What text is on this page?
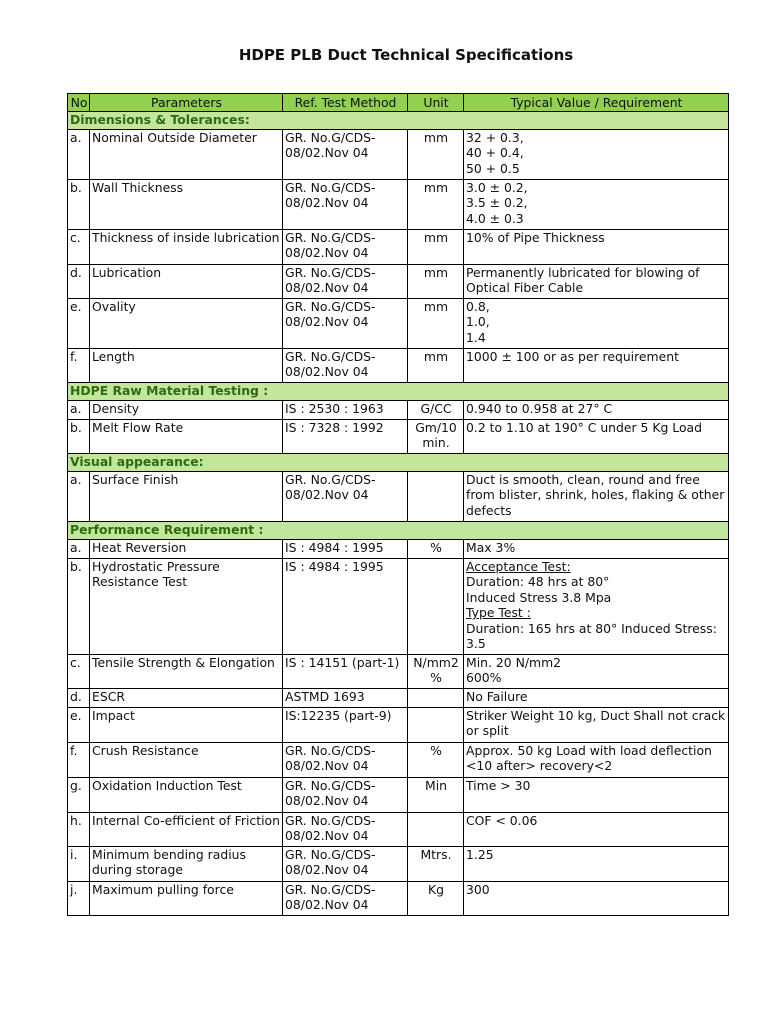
HDPE PLB Duct Technical Specifications
No	Parameters	Ref. Test Method	Unit	Typical Value / Requirement
Dimensions & Tolerances:				
a.	Nominal Outside Diameter	GR. No.G/CDS-08/02.Nov 04	mm	32 + 0.3,
40 + 0.4,
50 + 0.5

b.	Wall Thickness	GR. No.G/CDS-08/02.Nov 04	mm	3.0 ± 0.2,
3.5 ± 0.2,
4.0 ± 0.3

c.	Thickness of inside lubrication	GR. No.G/CDS-08/02.Nov 04	mm	10% of Pipe Thickness

d.	Lubrication	GR. No.G/CDS-08/02.Nov 04	mm	Permanently lubricated for blowing of Optical Fiber Cable

e.	Ovality	GR. No.G/CDS-08/02.Nov 04	mm	0.8,
1.0,
1.4

f.	Length	GR. No.G/CDS-08/02.Nov 04	mm	1000 ± 100 or as per requirement

HDPE Raw Material Testing :				
a.	Density	IS : 2530 : 1963	G/CC	0.940 to 0.958 at 27° C

b.	Melt Flow Rate	IS : 7328 : 1992	Gm/10 min.	0.2 to 1.10 at 190° C under 5 Kg Load

Visual appearance:				
a.	Surface Finish	GR. No.G/CDS-08/02.Nov 04		Duct is smooth, clean, round and free from blister, shrink, holes, flaking & other defects

Performance Requirement :				
a.	Heat Reversion	IS : 4984 : 1995	%	Max 3%

b.	Hydrostatic Pressure Resistance Test	IS : 4984 : 1995		Acceptance Test:
Duration: 48 hrs at 80°
Induced Stress 3.8 Mpa
Type Test :
Duration: 165 hrs at 80° Induced Stress: 3.5

c.	Tensile Strength & Elongation	IS : 14151 (part-1)	N/mm2 %	Min. 20 N/mm2
600%

d.	ESCR	ASTMD 1693		No Failure

e.	Impact	IS:12235 (part-9)		Striker Weight 10 kg, Duct Shall not crack or split

f.	Crush Resistance	GR. No.G/CDS-08/02.Nov 04	%	Approx. 50 kg Load with load deflection <10 after> recovery<2

g.	Oxidation Induction Test	GR. No.G/CDS-08/02.Nov 04	Min	Time > 30

h.	Internal Co-efficient of Friction	GR. No.G/CDS-08/02.Nov 04		COF < 0.06

i.	Minimum bending radius during storage	GR. No.G/CDS-08/02.Nov 04	Mtrs.	1.25

j.	Maximum pulling force	GR. No.G/CDS-08/02.Nov 04	Kg	300
